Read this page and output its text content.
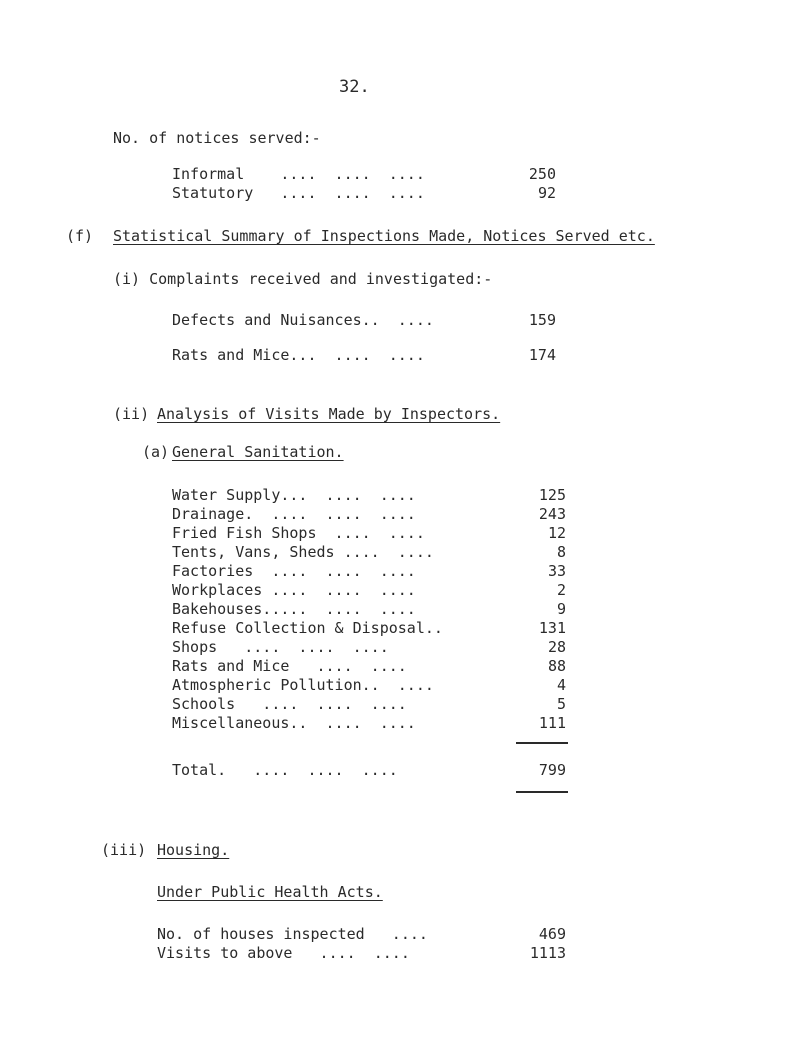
32.
No. of notices served:-
Informal    ....  ....  ....	250
Statutory   ....  ....  ....	92
(f) Statistical Summary of Inspections Made, Notices Served etc.
(i) Complaints received and investigated:-
Defects and Nuisances..  ....	159
Rats and Mice...  ....  ....	174
(ii) Analysis of Visits Made by Inspectors.
(a) General Sanitation.
Water Supply...  ....  ....	125
Drainage.  ....  ....  ....	243
Fried Fish Shops  ....  ....	12
Tents, Vans, Sheds ....  ....	8
Factories  ....  ....  ....	33
Workplaces ....  ....  ....	2
Bakehouses.....  ....  ....	9
Refuse Collection & Disposal..	131
Shops   ....  ....  ....	28
Rats and Mice   ....  ....	88
Atmospheric Pollution..  ....	4
Schools   ....  ....  ....	5
Miscellaneous..  ....  ....	111
Total.   ....  ....  ....	799
(iii) Housing.
Under Public Health Acts.
No. of houses inspected   ....	469
Visits to above   ....  ....	1113
